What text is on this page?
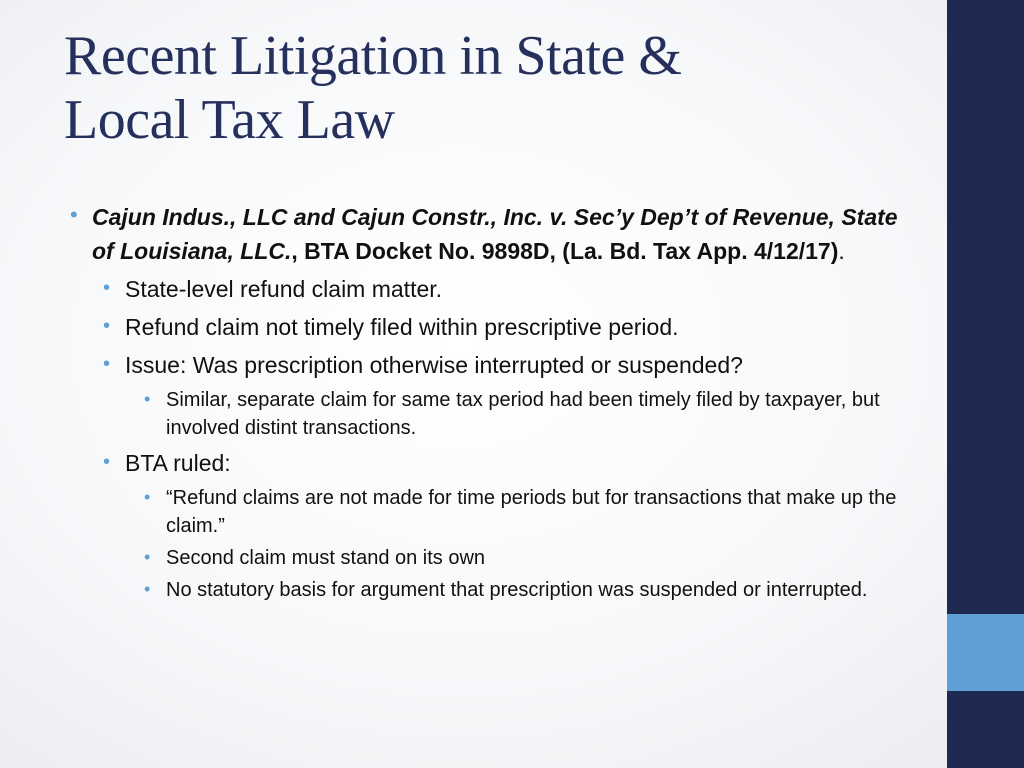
Recent Litigation in State &
Local Tax Law
• Cajun Indus., LLC and Cajun Constr., Inc. v. Sec’y Dep’t of Revenue, State of Louisiana, LLC., BTA Docket No. 9898D, (La. Bd. Tax App. 4/12/17).
• State-level refund claim matter.
• Refund claim not timely filed within prescriptive period.
• Issue: Was prescription otherwise interrupted or suspended?
• Similar, separate claim for same tax period had been timely filed by taxpayer, but involved distint transactions.
• BTA ruled:
• “Refund claims are not made for time periods but for transactions that make up the claim.”
• Second claim must stand on its own
• No statutory basis for argument that prescription was suspended or interrupted.
